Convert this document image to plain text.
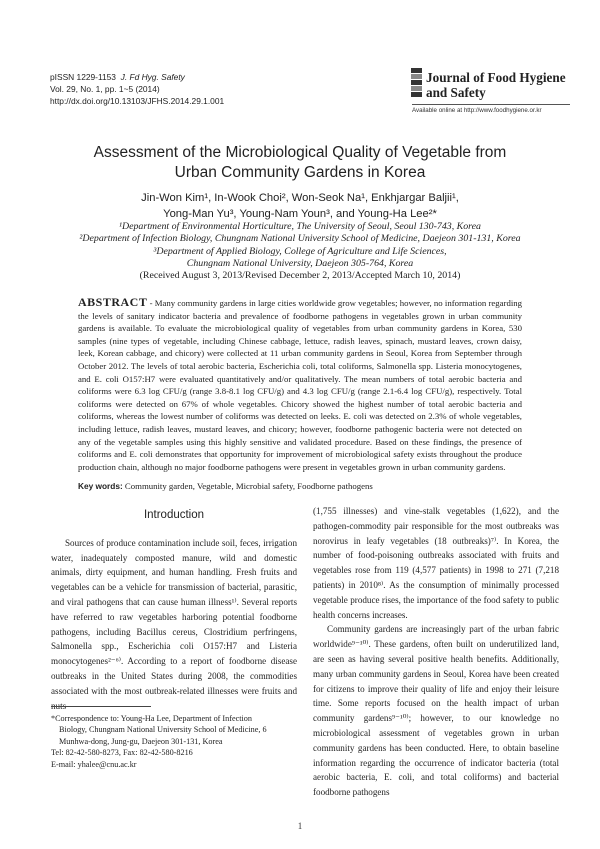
pISSN 1229-1153 J. Fd Hyg. Safety
Vol. 29, No. 1, pp. 1~5 (2014)
http://dx.doi.org/10.13103/JFHS.2014.29.1.001
Journal of Food Hygiene
and Safety
Available online at http://www.foodhygiene.or.kr
Assessment of the Microbiological Quality of Vegetable from
Urban Community Gardens in Korea
Jin-Won Kim¹, In-Wook Choi², Won-Seok Na¹, Enkhjargar Baljii¹,
Yong-Man Yu³, Young-Nam Youn³, and Young-Ha Lee²*
¹Department of Environmental Horticulture, The University of Seoul, Seoul 130-743, Korea
²Department of Infection Biology, Chungnam National University School of Medicine, Daejeon 301-131, Korea
³Department of Applied Biology, College of Agriculture and Life Sciences,
Chungnam National University, Daejeon 305-764, Korea
(Received August 3, 2013/Revised December 2, 2013/Accepted March 10, 2014)
ABSTRACT - Many community gardens in large cities worldwide grow vegetables; however, no information regarding the levels of sanitary indicator bacteria and prevalence of foodborne pathogens in vegetables grown in urban community gardens is available. To evaluate the microbiological quality of vegetables from urban community gardens in Korea, 530 samples (nine types of vegetable, including Chinese cabbage, lettuce, radish leaves, spinach, mustard leaves, crown daisy, leek, Korean cabbage, and chicory) were collected at 11 urban community gardens in Seoul, Korea from September through October 2012. The levels of total aerobic bacteria, Escherichia coli, total coliforms, Salmonella spp. Listeria monocytogenes, and E. coli O157:H7 were evaluated quantitatively and/or qualitatively. The mean numbers of total aerobic bacteria and coliforms were 6.3 log CFU/g (range 3.8-8.1 log CFU/g) and 4.3 log CFU/g (range 2.1-6.4 log CFU/g), respectively. Total coliforms were detected on 67% of whole vegetables. Chicory showed the highest number of total aerobic bacteria and coliforms, whereas the lowest number of coliforms was detected on leeks. E. coli was detected on 2.3% of whole vegetables, including lettuce, radish leaves, mustard leaves, and chicory; however, foodborne pathogenic bacteria were not detected on any of the vegetable samples using this highly sensitive and validated procedure. Based on these findings, the presence of coliforms and E. coli demonstrates that opportunity for improvement of microbiological safety exists throughout the produce production chain, although no major foodborne pathogens were present in vegetables grown in urban community gardens.
Key words: Community garden, Vegetable, Microbial safety, Foodborne pathogens
Introduction

Sources of produce contamination include soil, feces, irrigation water, inadequately composted manure, wild and domestic animals, dirty equipment, and human handling. Fresh fruits and vegetables can be a vehicle for transmission of bacterial, parasitic, and viral pathogens that can cause human illness¹⁾. Several reports have referred to raw vegetables harboring potential foodborne pathogens, including Bacillus cereus, Clostridium perfringens, Salmonella spp., Escherichia coli O157:H7 and Listeria monocytogenes²⁻⁶⁾. According to a report of foodborne disease outbreaks in the United States during 2008, the commodities associated with the most outbreak-related illnesses were fruits and nuts

(1,755 illnesses) and vine-stalk vegetables (1,622), and the pathogen-commodity pair responsible for the most outbreaks was norovirus in leafy vegetables (18 outbreaks)⁷⁾. In Korea, the number of food-poisoning outbreaks associated with fruits and vegetables rose from 119 (4,577 patients) in 1998 to 271 (7,218 patients) in 2010⁸⁾. As the consumption of minimally processed vegetable produce rises, the importance of the food safety to public health concerns increases.

Community gardens are increasingly part of the urban fabric worldwide⁹⁻¹⁰⁾. These gardens, often built on underutilized land, are seen as having several positive health benefits. Additionally, many urban community gardens in Seoul, Korea have been created for citizens to improve their quality of life and enjoy their leisure time. Some reports focused on the health impact of urban community gardens⁹⁻¹⁰⁾; however, to our knowledge no microbiological assessment of vegetables grown in urban community gardens has been conducted. Here, to obtain baseline information regarding the occurrence of indicator bacteria (total aerobic bacteria, E. coli, and total coliforms) and bacterial foodborne pathogens

*Correspondence to: Young-Ha Lee, Department of Infection
Biology, Chungnam National University School of Medicine, 6
Munhwa-dong, Jung-gu, Daejeon 301-131, Korea
Tel: 82-42-580-8273, Fax: 82-42-580-8216
E-mail: yhalee@cnu.ac.kr
1
